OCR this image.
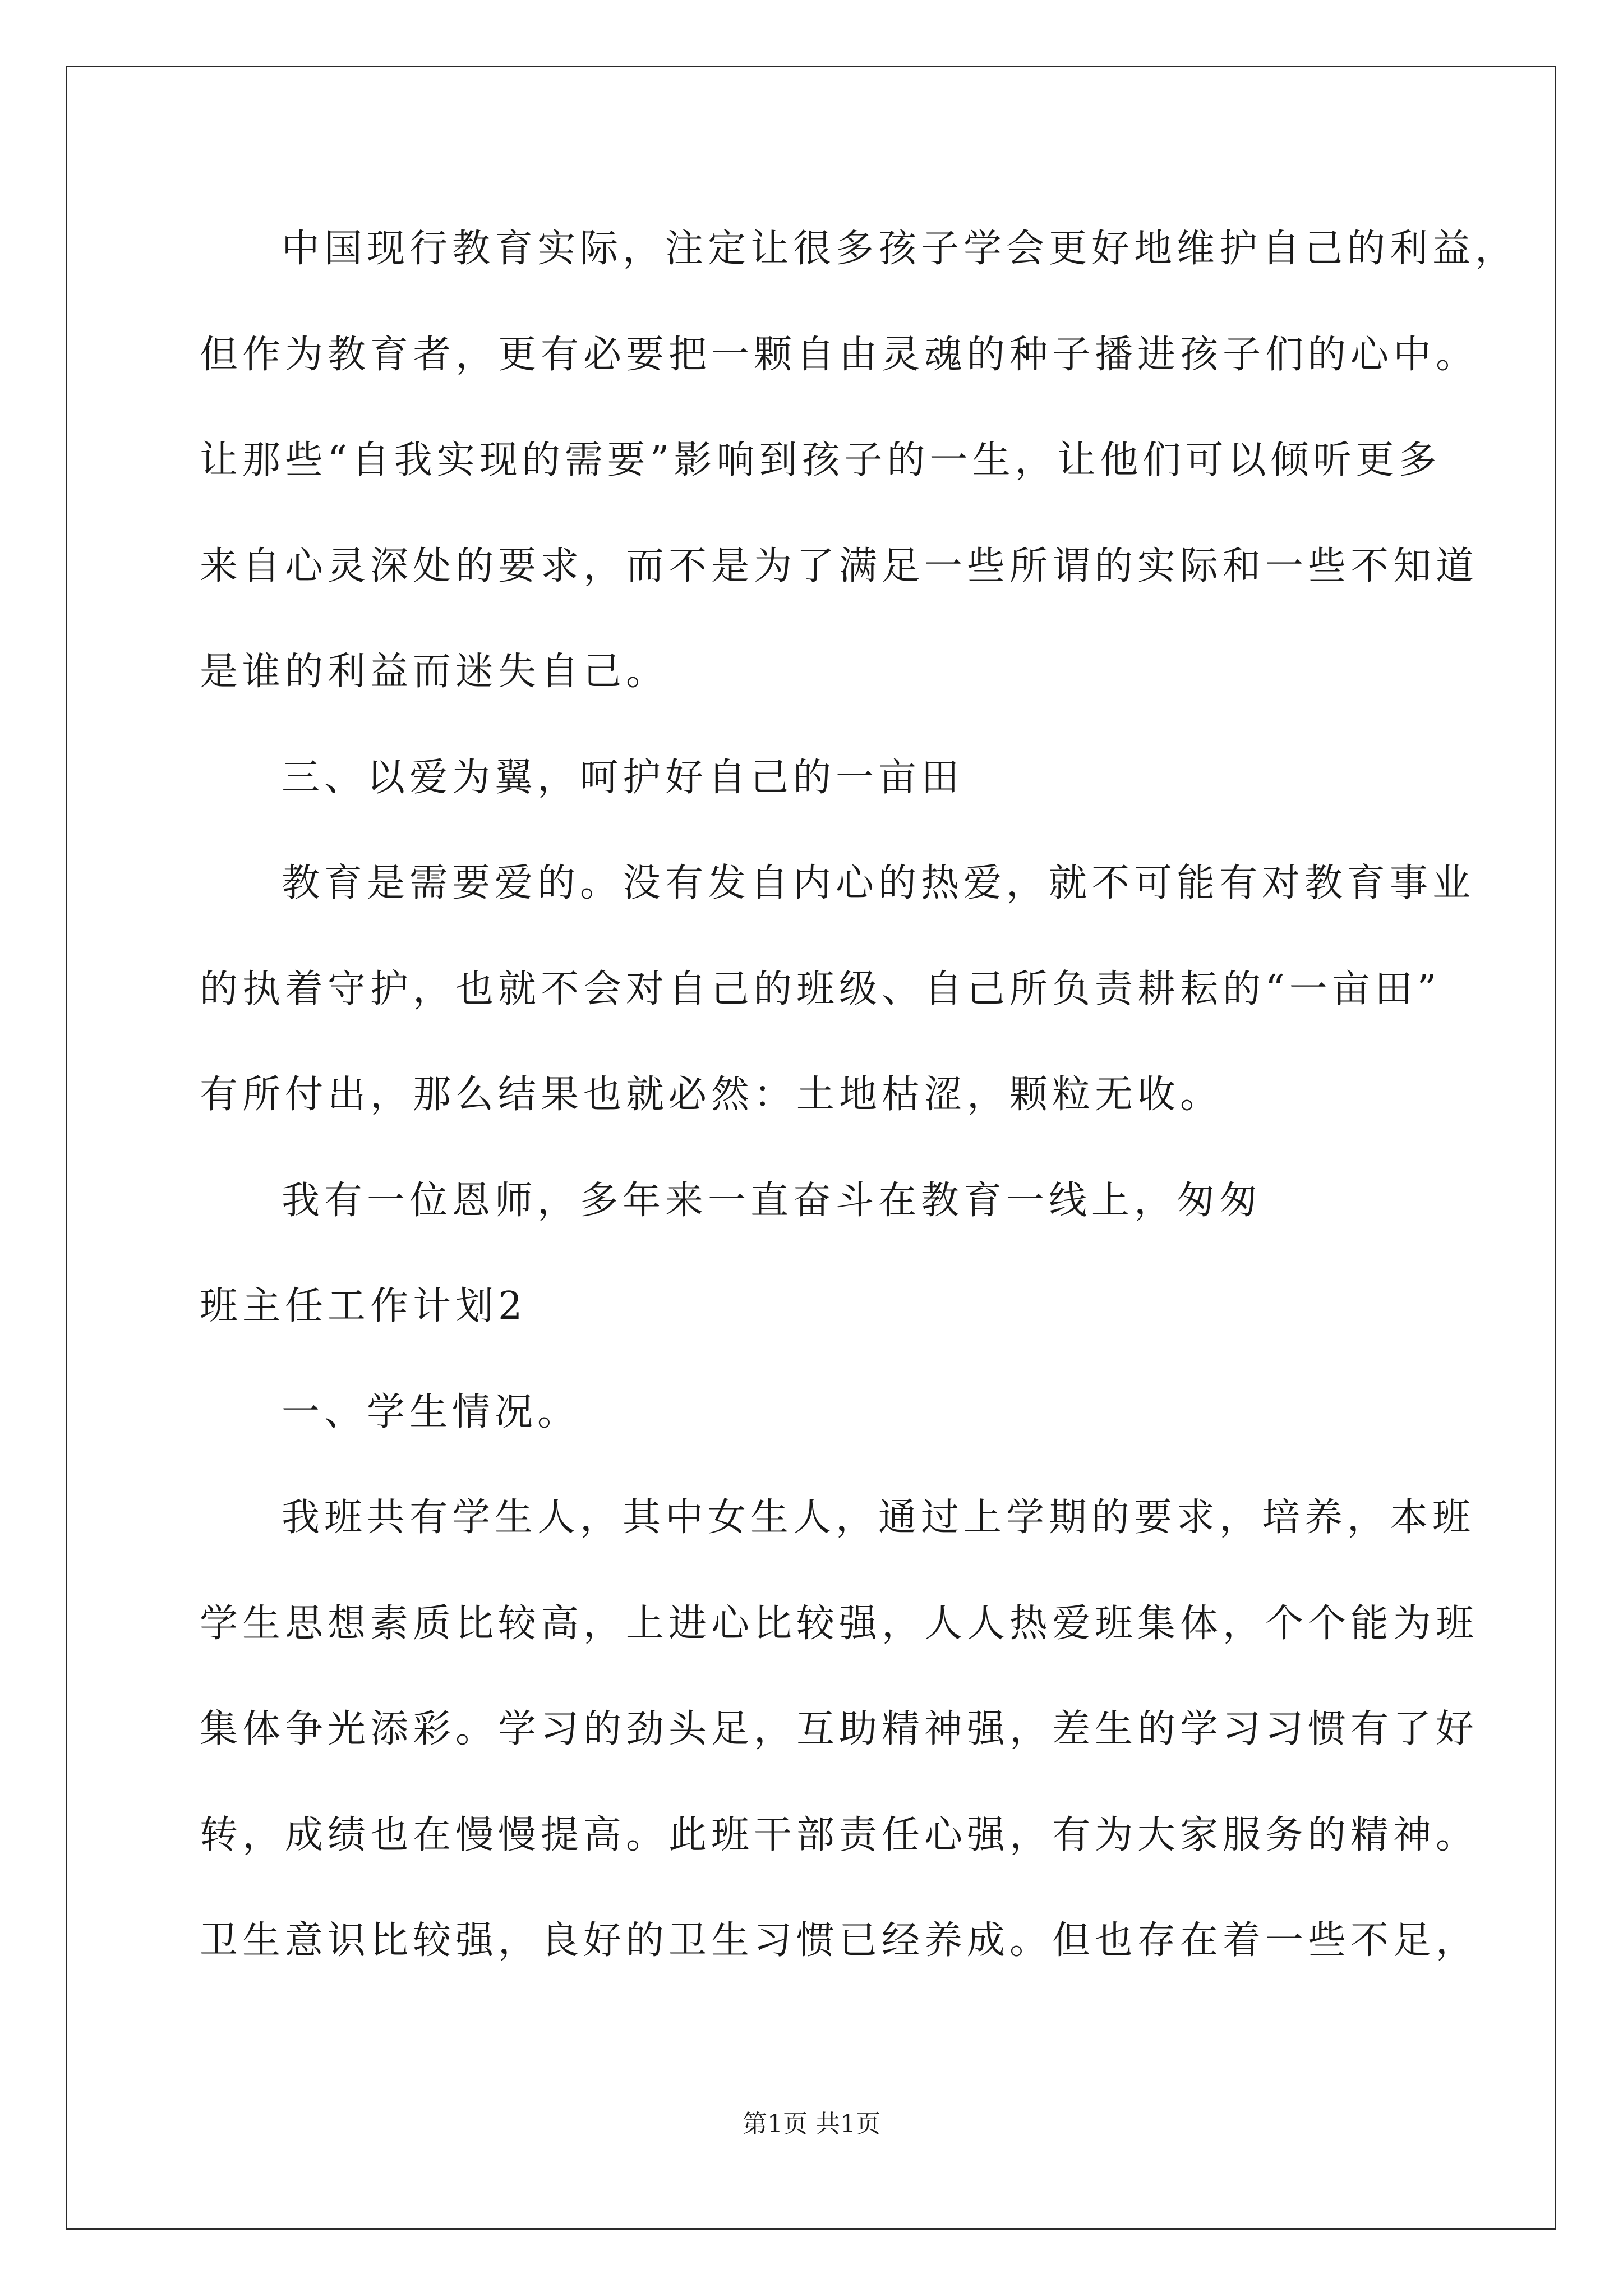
中国现行教育实际，注定让很多孩子学会更好地维护自己的利益，
但作为教育者，更有必要把一颗自由灵魂的种子播进孩子们的心中。
让那些“自我实现的需要”影响到孩子的一生，让他们可以倾听更多
来自心灵深处的要求，而不是为了满足一些所谓的实际和一些不知道
是谁的利益而迷失自己。
三、以爱为翼，呵护好自己的一亩田
教育是需要爱的。没有发自内心的热爱，就不可能有对教育事业
的执着守护，也就不会对自己的班级、自己所负责耕耘的“一亩田”
有所付出，那么结果也就必然：土地枯涩，颗粒无收。
我有一位恩师，多年来一直奋斗在教育一线上，匆匆
班主任工作计划2
一、学生情况。
我班共有学生人，其中女生人，通过上学期的要求，培养，本班
学生思想素质比较高，上进心比较强，人人热爱班集体，个个能为班
集体争光添彩。学习的劲头足，互助精神强，差生的学习习惯有了好
转，成绩也在慢慢提高。此班干部责任心强，有为大家服务的精神。
卫生意识比较强，良好的卫生习惯已经养成。但也存在着一些不足，
第1页 共1页
